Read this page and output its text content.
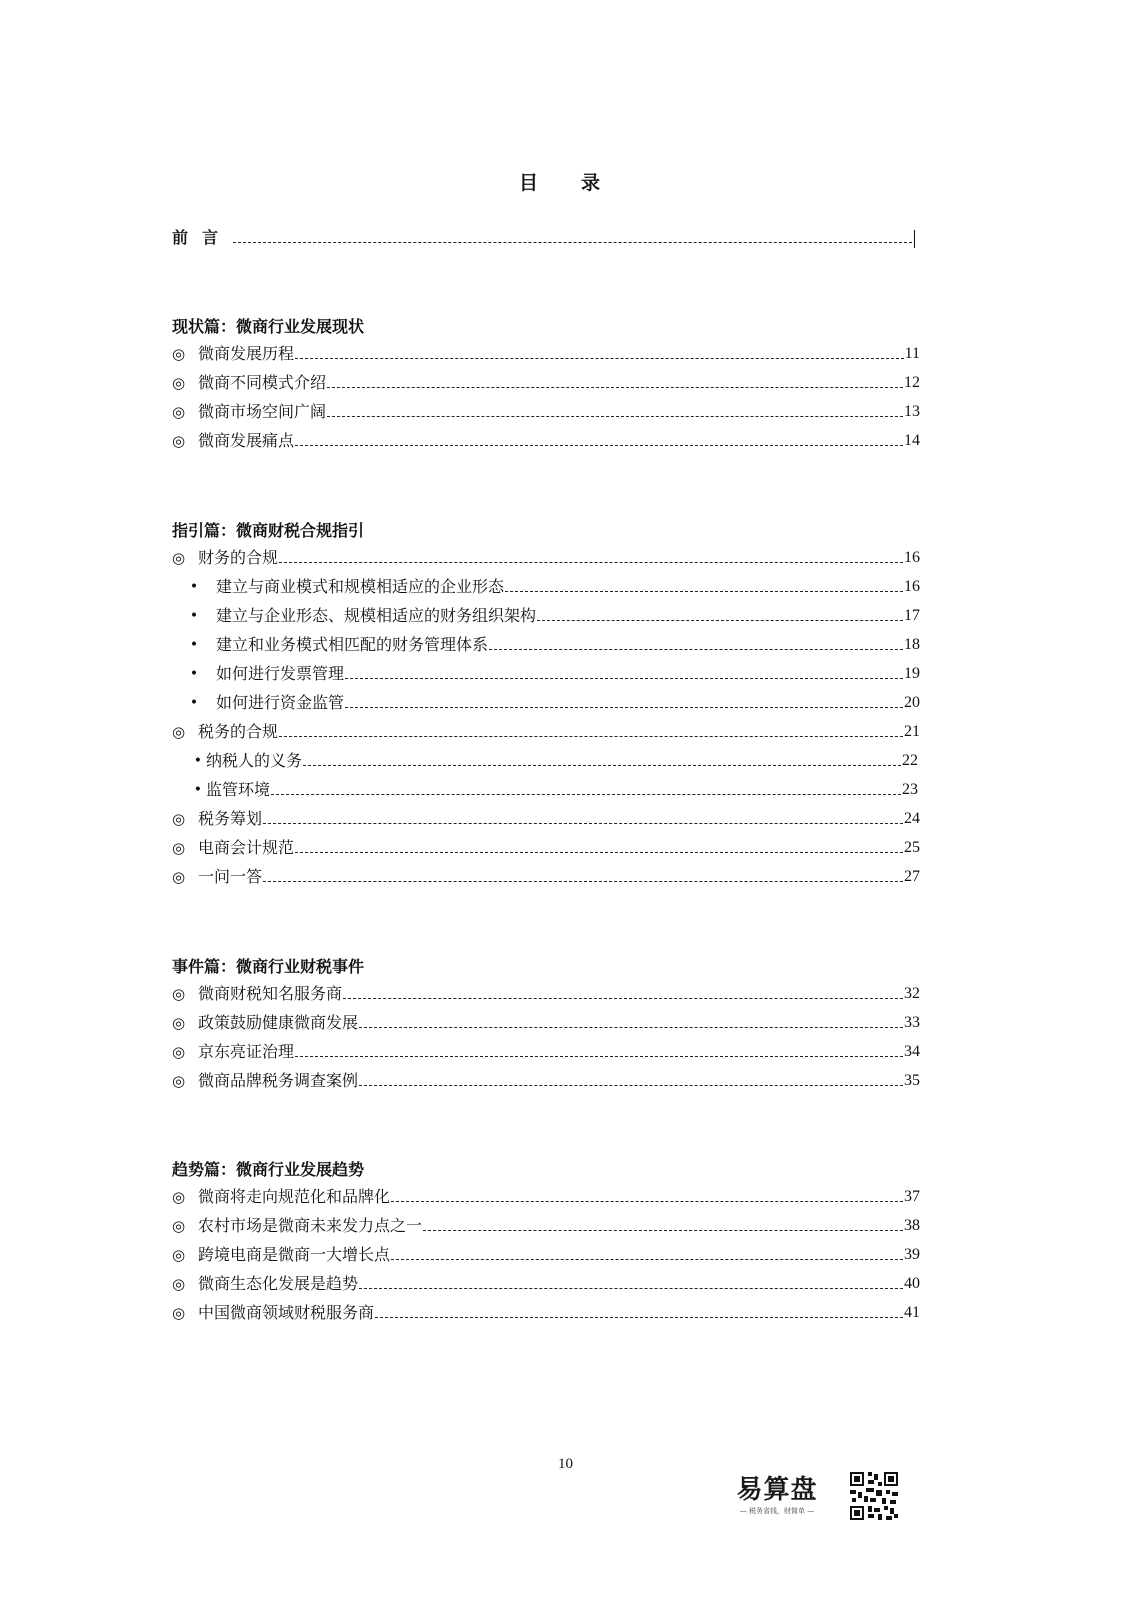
目　录
前言
现状篇：微商行业发展现状
◎ 微商发展历程	11
◎ 微商不同模式介绍	12
◎ 微商市场空间广阔	13
◎ 微商发展痛点	14
指引篇：微商财税合规指引
◎ 财务的合规	16
•	建立与商业模式和规模相适应的企业形态	16
•	建立与企业形态、规模相适应的财务组织架构	17
•	建立和业务模式相匹配的财务管理体系	18
•	如何进行发票管理	19
•	如何进行资金监管	20
◎ 税务的合规	21
• 纳税人的义务	22
• 监管环境	23
◎ 税务筹划	24
◎ 电商会计规范	25
◎ 一问一答	27
事件篇：微商行业财税事件
◎ 微商财税知名服务商	32
◎ 政策鼓励健康微商发展	33
◎ 京东亮证治理	34
◎ 微商品牌税务调查案例	35
趋势篇：微商行业发展趋势
◎ 微商将走向规范化和品牌化	37
◎ 农村市场是微商未来发力点之一	38
◎ 跨境电商是微商一大增长点	39
◎ 微商生态化发展是趋势	40
◎ 中国微商领域财税服务商	41
10
易算盘
— 税务省钱，财简单 —
